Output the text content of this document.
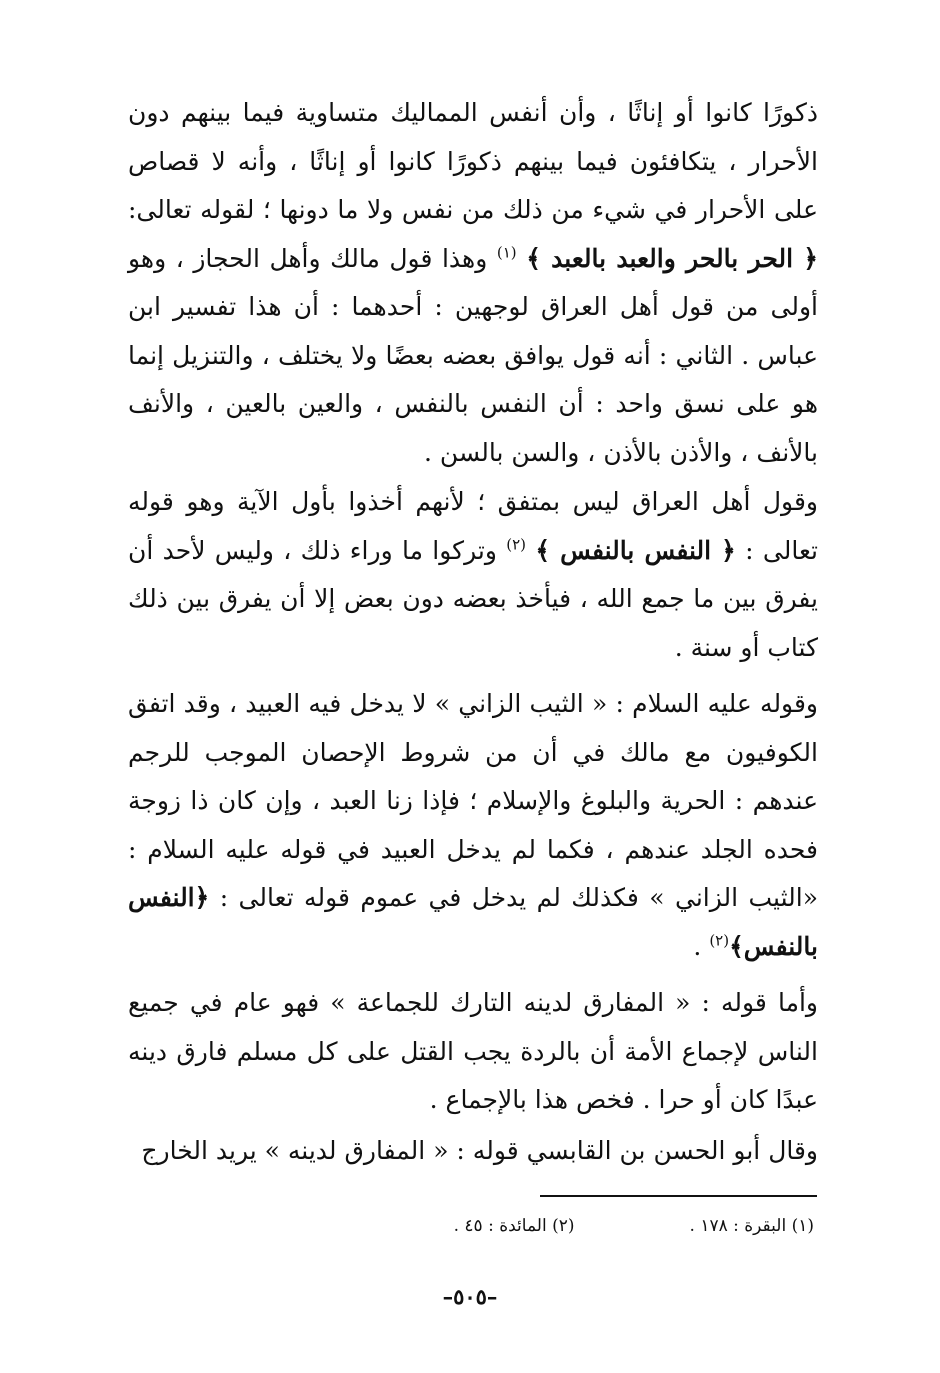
ذكورًا كانوا أو إناثًا ، وأن أنفس المماليك متساوية فيما بينهم دون الأحرار ، يتكافئون فيما بينهم ذكورًا كانوا أو إناثًا ، وأنه لا قصاص على الأحرار في شيء من ذلك من نفس ولا ما دونها ؛ لقوله تعالى: ﴿ الحر بالحر والعبد بالعبد ﴾ $^{(١)}$ وهذا قول مالك وأهل الحجاز ، وهو أولى من قول أهل العراق لوجهين : أحدهما : أن هذا تفسير ابن عباس . الثاني : أنه قول يوافق بعضه بعضًا ولا يختلف ، والتنزيل إنما هو على نسق واحد : أن النفس بالنفس ، والعين بالعين ، والأنف بالأنف ، والأذن بالأذن ، والسن بالسن .

وقول أهل العراق ليس بمتفق ؛ لأنهم أخذوا بأول الآية وهو قوله تعالى : ﴿ النفس بالنفس ﴾ $^{(٢)}$ وتركوا ما وراء ذلك ، وليس لأحد أن يفرق بين ما جمع الله ، فيأخذ بعضه دون بعض إلا أن يفرق بين ذلك كتاب أو سنة .

وقوله عليه السلام : « الثيب الزاني » لا يدخل فيه العبيد ، وقد اتفق الكوفيون مع مالك في أن من شروط الإحصان الموجب للرجم عندهم : الحرية والبلوغ والإسلام ؛ فإذا زنا العبد ، وإن كان ذا زوجة فحده الجلد عندهم ، فكما لم يدخل العبيد في قوله عليه السلام : «الثيب الزاني » فكذلك لم يدخل في عموم قوله تعالى : ﴿النفس بالنفس﴾$^{(٢)}$ .

وأما قوله : « المفارق لدينه التارك للجماعة » فهو عام في جميع الناس لإجماع الأمة أن بالردة يجب القتل على كل مسلم فارق دينه عبدًا كان أو حرا . فخص هذا بالإجماع .

وقال أبو الحسن بن القابسي قوله : « المفارق لدينه » يريد الخارج

(١) البقرة : ١٧٨ .(٢) المائدة : ٤٥ .
–٥٠٥–
